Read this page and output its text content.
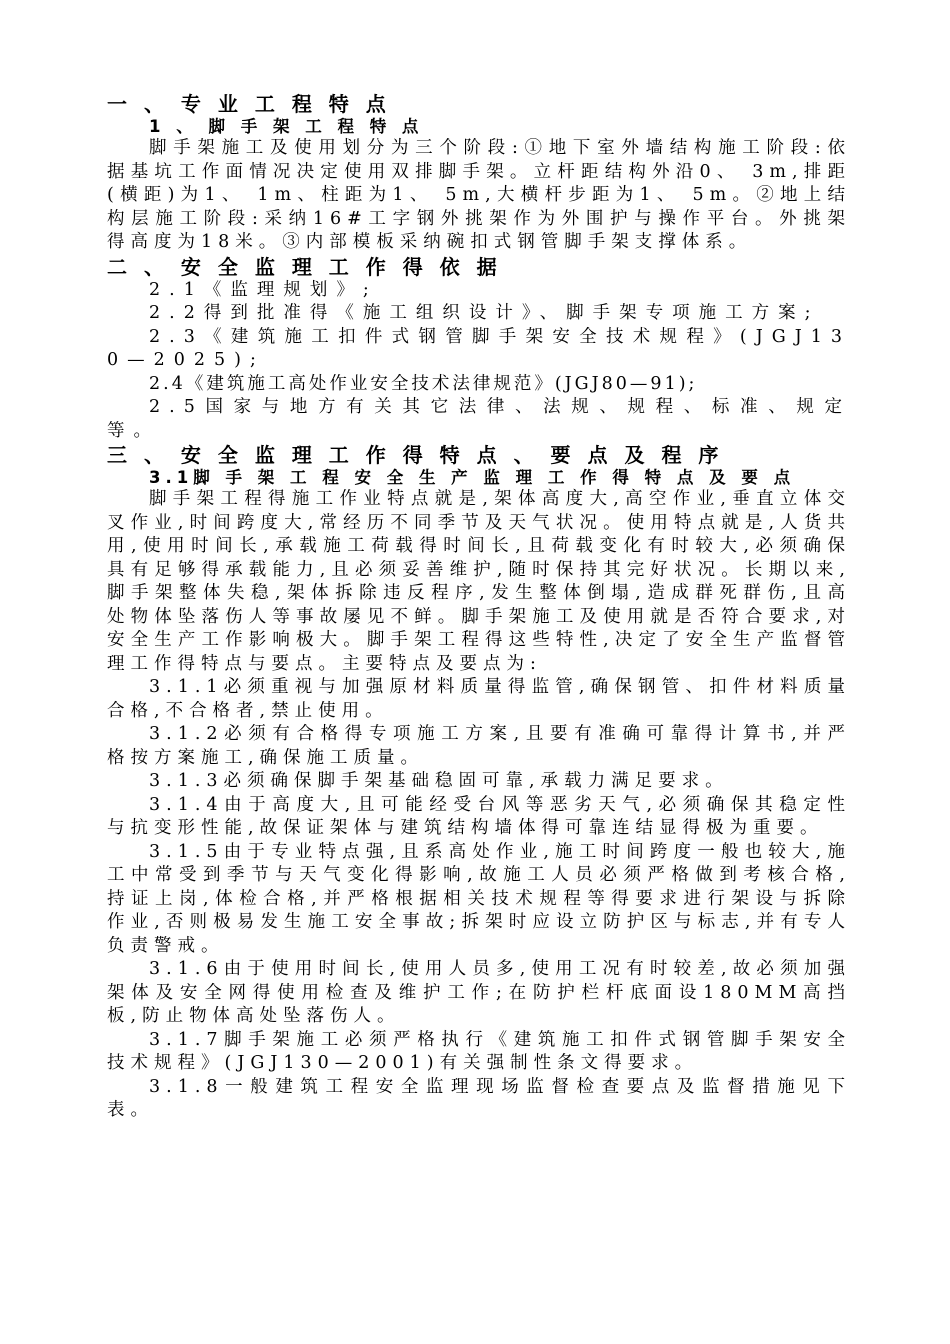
一 、 专 业 工 程 特 点

1 、 脚 手 架 工 程 特 点

脚手架施工及使用划分为三个阶段:①地下室外墙结构施工阶段:依据基坑工作面情况决定使用双排脚手架。立杆距结构外沿0、 3m,排距(横距)为1、 1m、柱距为1、 5m,大横杆步距为1、 5m。②地上结构层施工阶段:采纳16#工字钢外挑架作为外围护与操作平台。外挑架得高度为18米。③内部模板采纳碗扣式钢管脚手架支撑体系。

二 、 安 全 监 理 工 作 得 依 据

2.1《监理规划》;

2.2得到批准得《施工组织设计》、脚手架专项施工方案;

2.3《建筑施工扣件式钢管脚手架安全技术规程》(JGJ130—2025);

2.4《建筑施工高处作业安全技术法律规范》(JGJ80—91);

2.5国家与地方有关其它法律、法规、规程、标准、规定等。

三 、 安 全 监 理 工 作 得 特 点 、 要 点 及 程 序

3.1脚 手 架 工 程 安 全 生 产 监 理 工 作 得 特 点 及 要 点

脚手架工程得施工作业特点就是,架体高度大,高空作业,垂直立体交叉作业,时间跨度大,常经历不同季节及天气状况。使用特点就是,人货共用,使用时间长,承载施工荷载得时间长,且荷载变化有时较大,必须确保具有足够得承载能力,且必须妥善维护,随时保持其完好状况。长期以来,脚手架整体失稳,架体拆除违反程序,发生整体倒塌,造成群死群伤,且高处物体坠落伤人等事故屡见不鲜。脚手架施工及使用就是否符合要求,对安全生产工作影响极大。脚手架工程得这些特性,决定了安全生产监督管理工作得特点与要点。主要特点及要点为:

3.1.1必须重视与加强原材料质量得监管,确保钢管、扣件材料质量合格,不合格者,禁止使用。

3.1.2必须有合格得专项施工方案,且要有准确可靠得计算书,并严格按方案施工,确保施工质量。

3.1.3必须确保脚手架基础稳固可靠,承载力满足要求。

3.1.4由于高度大,且可能经受台风等恶劣天气,必须确保其稳定性与抗变形性能,故保证架体与建筑结构墙体得可靠连结显得极为重要。

3.1.5由于专业特点强,且系高处作业,施工时间跨度一般也较大,施工中常受到季节与天气变化得影响,故施工人员必须严格做到考核合格,持证上岗,体检合格,并严格根据相关技术规程等得要求进行架设与拆除作业,否则极易发生施工安全事故;拆架时应设立防护区与标志,并有专人负责警戒。

3.1.6由于使用时间长,使用人员多,使用工况有时较差,故必须加强架体及安全网得使用检查及维护工作;在防护栏杆底面设180MM高挡板,防止物体高处坠落伤人。

3.1.7脚手架施工必须严格执行《建筑施工扣件式钢管脚手架安全技术规程》(JGJ130—2001)有关强制性条文得要求。

3.1.8一般建筑工程安全监理现场监督检查要点及监督措施见下表。
